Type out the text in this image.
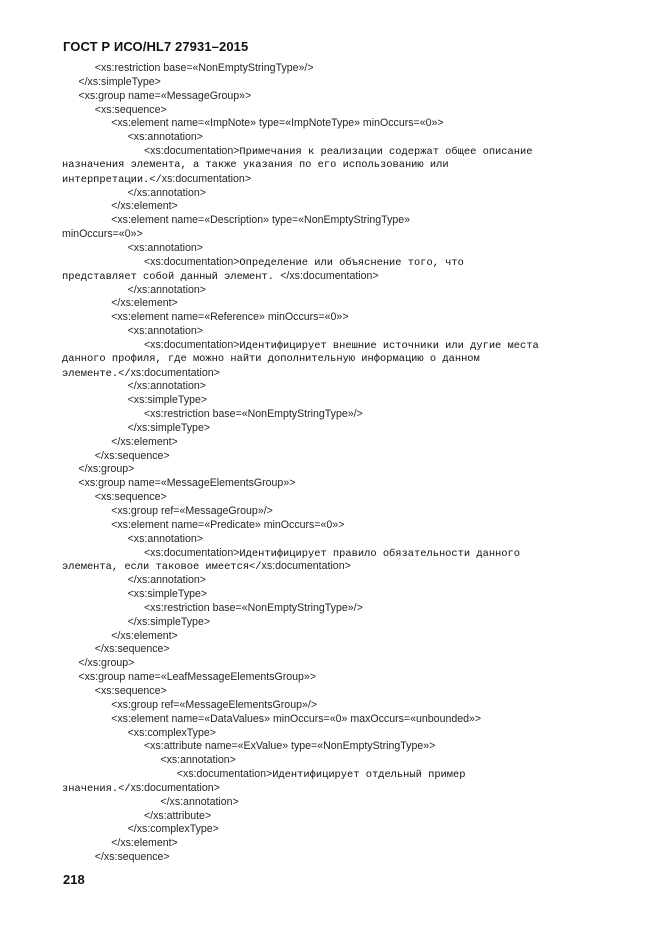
ГОСТ Р ИСО/HL7 27931–2015
<xs:restriction base=«NonEmptyStringType»/>
</xs:simpleType>
<xs:group name=«MessageGroup»>
<xs:sequence>
<xs:element name=«ImpNote» type=«ImpNoteType» minOccurs=«0»>
<xs:annotation>
<xs:documentation>Примечания к реализации содержат общее описание
назначения элемента, а также указания по его использованию или
интерпретации.</xs:documentation>
</xs:annotation>
</xs:element>
<xs:element name=«Description» type=«NonEmptyStringType»
minOccurs=«0»>
<xs:annotation>
<xs:documentation>Определение или объяснение того, что
представляет собой данный элемент. </xs:documentation>
</xs:annotation>
</xs:element>
<xs:element name=«Reference» minOccurs=«0»>
<xs:annotation>
<xs:documentation>Идентифицирует внешние источники или дугие места
данного профиля, где можно найти дополнительную информацию о данном
элементе.</xs:documentation>
</xs:annotation>
<xs:simpleType>
<xs:restriction base=«NonEmptyStringType»/>
</xs:simpleType>
</xs:element>
</xs:sequence>
</xs:group>
<xs:group name=«MessageElementsGroup»>
<xs:sequence>
<xs:group ref=«MessageGroup»/>
<xs:element name=«Predicate» minOccurs=«0»>
<xs:annotation>
<xs:documentation>Идентифицирует правило обязательности данного
элемента, если таковое имеется</xs:documentation>
</xs:annotation>
<xs:simpleType>
<xs:restriction base=«NonEmptyStringType»/>
</xs:simpleType>
</xs:element>
</xs:sequence>
</xs:group>
<xs:group name=«LeafMessageElementsGroup»>
<xs:sequence>
<xs:group ref=«MessageElementsGroup»/>
<xs:element name=«DataValues» minOccurs=«0» maxOccurs=«unbounded»>
<xs:complexType>
<xs:attribute name=«ExValue» type=«NonEmptyStringType»>
<xs:annotation>
<xs:documentation>Идентифицирует отдельный пример
значения.</xs:documentation>
</xs:annotation>
</xs:attribute>
</xs:complexType>
</xs:element>
</xs:sequence>
218
